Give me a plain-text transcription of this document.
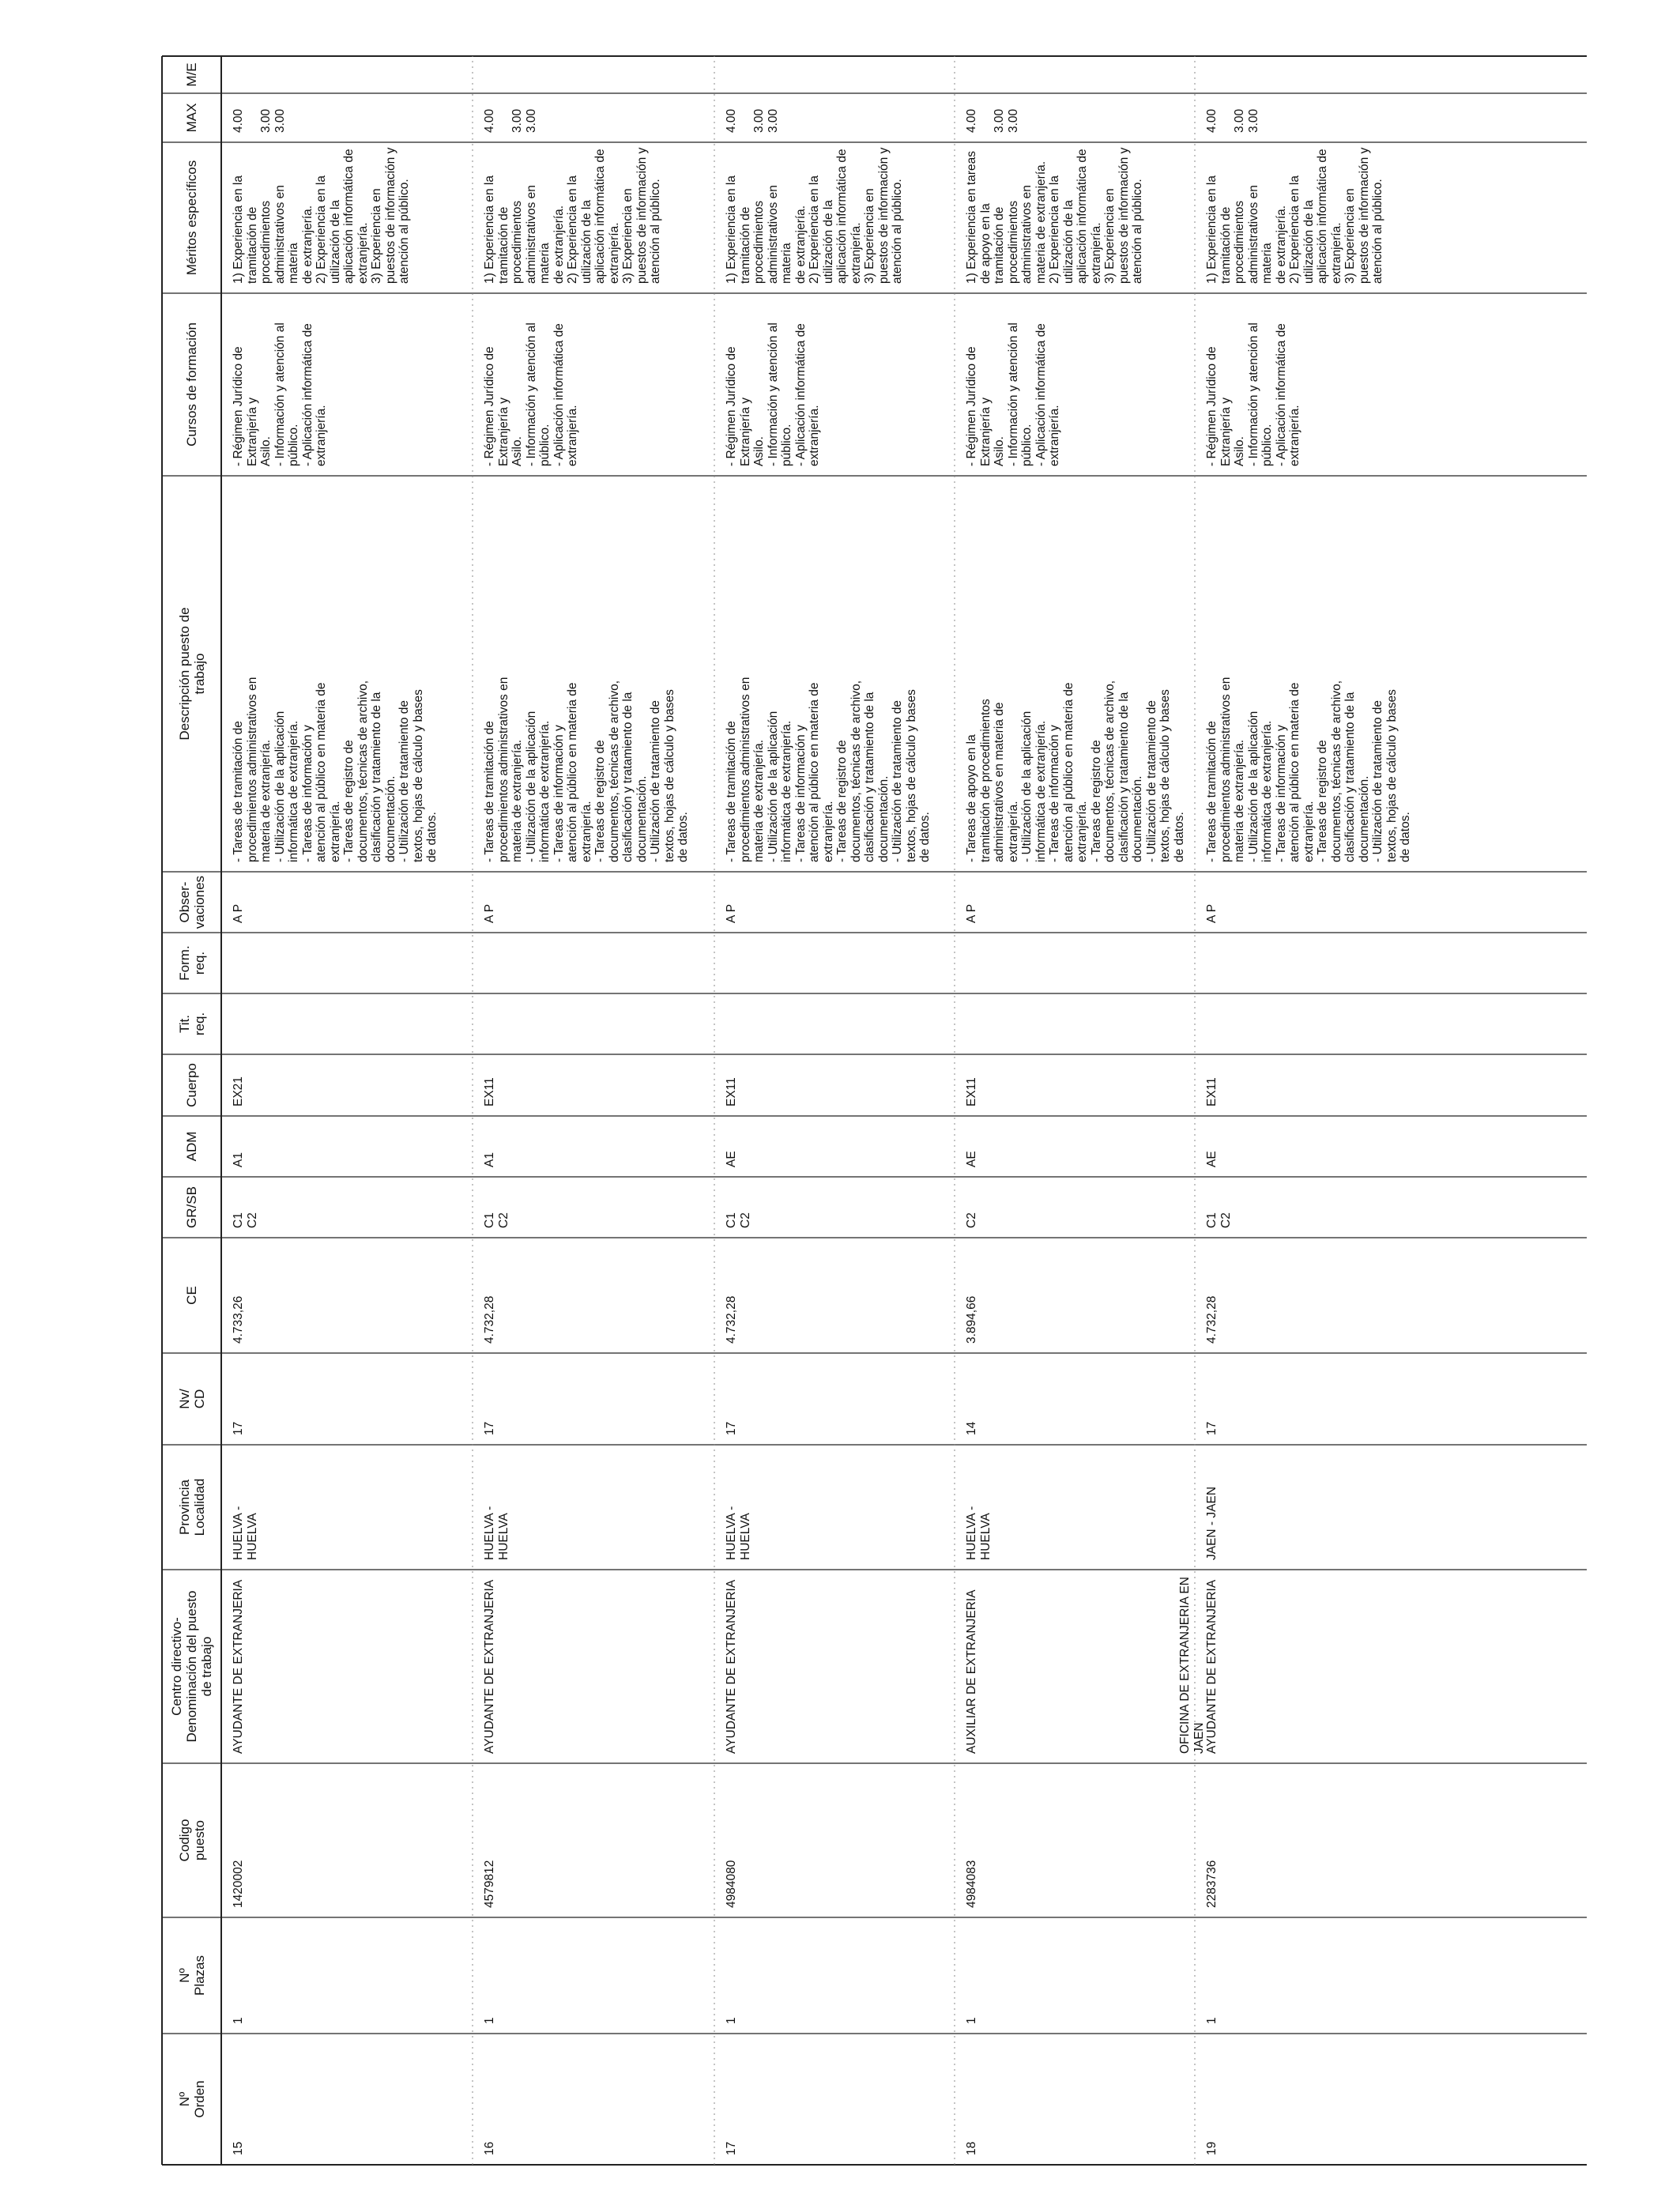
Nº
Orden
Nº
Plazas
Codigo
puesto
Centro directivo-
Denominación del puesto
de trabajo
Provincia
Localidad
Nv/
CD
CE
GR/SB
ADM
Cuerpo
Tit.
req.
Form.
req.
Obser-
vaciones
Descripción puesto de
trabajo
Cursos de formación
Méritos específicos
MAX
M/E
15
1
1420002
AYUDANTE DE EXTRANJERIA
HUELVA -
HUELVA
17
4.733,26
C1
C2
A1
EX21
A P
- Tareas de tramitación de
procedimientos administrativos en
materia de extranjería.
- Utilización de la aplicación
informática de extranjería.
- Tareas de información y
atención al público en materia de
extranjería.
- Tareas de registro de
documentos, técnicas de archivo,
clasificación y tratamiento de la
documentación.
- Utilización de tratamiento de
textos, hojas de cálculo y bases
de datos.
- Régimen Jurídico de Extranjería y
Asilo.
- Información y atención al público.
- Aplicación informática de extranjería.
1) Experiencia en la tramitación de
procedimientos administrativos en materia
de extranjería.
2) Experiencia en la utilización de la
aplicación informática de extranjería.
3) Experiencia en puestos de información y
atención al público.
4.00

3.00
3.00
16
1
4579812
AYUDANTE DE EXTRANJERIA
HUELVA -
HUELVA
17
4.732,28
C1
C2
A1
EX11
A P
- Tareas de tramitación de
procedimientos administrativos en
materia de extranjería.
- Utilización de la aplicación
informática de extranjería.
- Tareas de información y
atención al público en materia de
extranjería.
- Tareas de registro de
documentos, técnicas de archivo,
clasificación y tratamiento de la
documentación.
- Utilización de tratamiento de
textos, hojas de cálculo y bases
de datos.
- Régimen Jurídico de Extranjería y
Asilo.
- Información y atención al público.
- Aplicación informática de extranjería.
1) Experiencia en la tramitación de
procedimientos administrativos en materia
de extranjería.
2) Experiencia en la utilización de la
aplicación informática de extranjería.
3) Experiencia en puestos de información y
atención al público.
4.00

3.00
3.00
17
1
4984080
AYUDANTE DE EXTRANJERIA
HUELVA -
HUELVA
17
4.732,28
C1
C2
AE
EX11
A P
- Tareas de tramitación de
procedimientos administrativos en
materia de extranjería.
- Utilización de la aplicación
informática de extranjería.
- Tareas de información y
atención al público en materia de
extranjería.
- Tareas de registro de
documentos, técnicas de archivo,
clasificación y tratamiento de la
documentación.
- Utilización de tratamiento de
textos, hojas de cálculo y bases
de datos.
- Régimen Jurídico de Extranjería y
Asilo.
- Información y atención al público.
- Aplicación informática de extranjería.
1) Experiencia en la tramitación de
procedimientos administrativos en materia
de extranjería.
2) Experiencia en la utilización de la
aplicación informática de extranjería.
3) Experiencia en puestos de información y
atención al público.
4.00

3.00
3.00
18
1
4984083
AUXILIAR DE EXTRANJERIA
HUELVA -
HUELVA
14
3.894,66
C2
AE
EX11
A P
- Tareas de apoyo en la
tramitación de procedimientos
administrativos en materia de
extranjería.
- Utilización de la aplicación
informática de extranjería.
- Tareas de información y
atención al público en materia de
extranjería.
- Tareas de registro de
documentos, técnicas de archivo,
clasificación y tratamiento de la
documentación.
- Utilización de tratamiento de
textos, hojas de cálculo y bases
de datos.
- Régimen Jurídico de Extranjería y
Asilo.
- Información y atención al público.
- Aplicación informática de extranjería.
1) Experiencia en tareas de apoyo en la
tramitación de procedimientos
administrativos en materia de extranjería.
2) Experiencia en la utilización de la
aplicación informática de extranjería.
3) Experiencia en puestos de información y
atención al público.
4.00

3.00
3.00
19
1
2283736
OFICINA DE EXTRANJERIA EN
JAEN AYUDANTE DE EXTRANJERIA
JAEN - JAEN
17
4.732,28
C1
C2
AE
EX11
A P
- Tareas de tramitación de
procedimientos administrativos en
materia de extranjería.
- Utilización de la aplicación
informática de extranjería.
- Tareas de información y
atención al público en materia de
extranjería.
- Tareas de registro de
documentos, técnicas de archivo,
clasificación y tratamiento de la
documentación.
- Utilización de tratamiento de
textos, hojas de cálculo y bases
de datos.
- Régimen Jurídico de Extranjería y
Asilo.
- Información y atención al público.
- Aplicación informática de extranjería.
1) Experiencia en la tramitación de
procedimientos administrativos en materia
de extranjería.
2) Experiencia en la utilización de la
aplicación informática de extranjería.
3) Experiencia en puestos de información y
atención al público.
4.00

3.00
3.00
